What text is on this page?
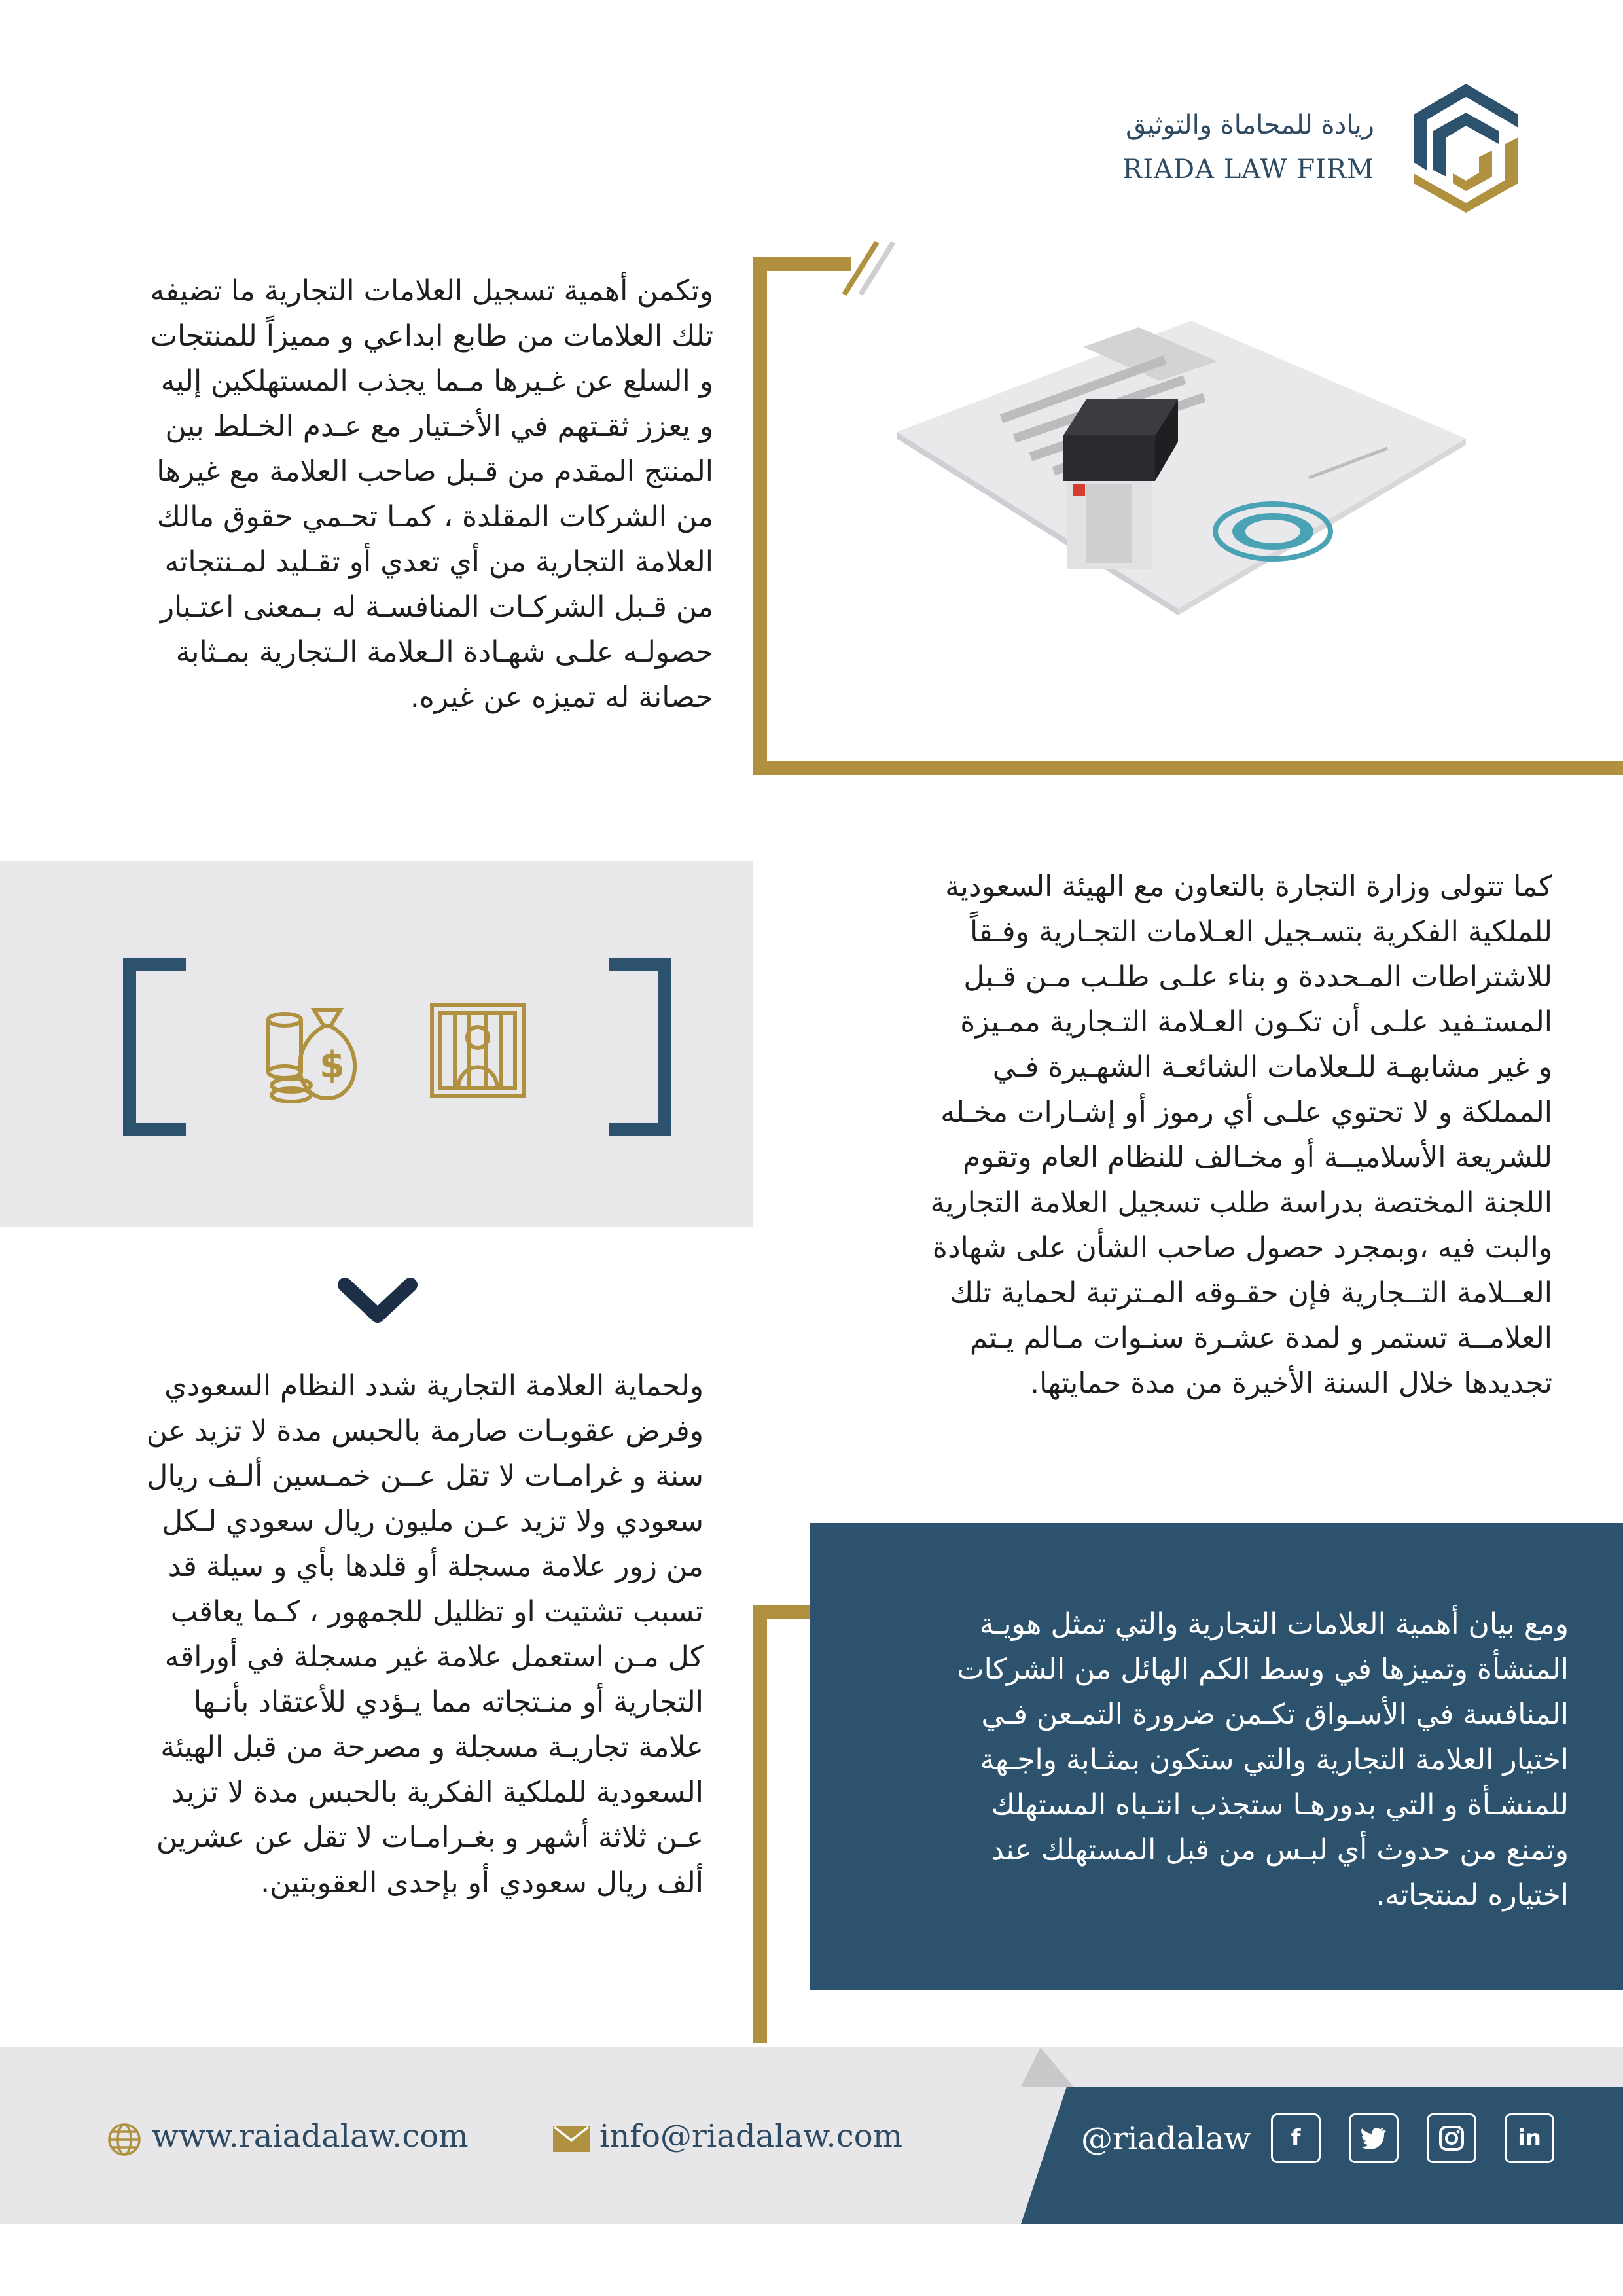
ريادة للمحاماة والتوثيق
RIADA LAW FIRM

وتكمن أهمية تسجيل العلامات التجارية ما تضيفه
تلك العلامات من طابع ابداعي و مميزاً للمنتجات
و السلع عن غـيرها مـما يجذب المستهلكين إليه
و يعزز ثقـتهم في الأخـتيار مع عـدم الخـلط بين
المنتج المقدم من قـبل صاحب العلامة مع غيرها
من الشركات المقلدة ، كمـا تحـمي حقوق مالك
العلامة التجارية من أي تعدي أو تقـليد لمـنتجاته
من قـبل الشركـات المنافسـة له بـمعنى اعتـبار
حصولـه علـى شهـادة الـعلامة الـتجارية بمـثابة
حصانة له تميزه عن غيره.

$

كما تتولى وزارة التجارة بالتعاون مع الهيئة السعودية
للملكية الفكرية بتسـجيل العـلامات التجـارية وفـقاً
للاشتراطات المـحددة و بناء علـى طلـب مـن قـبل
المستـفيد علـى أن تكـون العـلامة التـجارية ممـيزة
و غير مشابهـة للـعلامات الشائعـة الشهـيرة فـي
المملكة و لا تحتوي علـى أي رموز أو إشـارات مخـله
للشريعة الأسلاميــة أو مخـالف للنظام العام وتقوم
اللجنة المختصة بدراسة طلب تسجيل العلامة التجارية
والبت فيه ،وبمجرد حصول صاحب الشأن على شهادة
العــلامة التــجارية فإن حقـوقه المـترتبة لحماية تلك
العلامــة تستمر و لمدة عشـرة سنـوات مـالم يـتم
تجديدها خلال السنة الأخيرة من مدة حمايتها.

ولحماية العلامة التجارية شدد النظام السعودي
وفرض عقوبـات صارمة بالحبس مدة لا تزيد عن
سنة و غرامـات لا تقل عــن خمـسين ألـف ريال
سعودي ولا تزيد عـن مليون ريال سعودي لـكل
من زور علامة مسجلة أو قلدها بأي و سيلة قد
تسبب تشتيت او تظليل للجمهور ، كـما يعاقب
كل مـن استعمل علامة غير مسجلة في أوراقه
التجارية أو منـتجاته مما يـؤدي للأعتقاد بأنـها
علامة تجاريـة مسجلة و مصرحة من قبل الهيئة
السعودية للملكية الفكرية بالحبس مدة لا تزيد
عـن ثلاثة أشهر و بغـرامـات لا تقل عن عشرين
ألف ريال سعودي أو بإحدى العقوبتين.

ومع بيان أهمية العلامات التجارية والتي تمثل هويـة
المنشأة وتميزها في وسط الكم الهائل من الشركات
المنافسة في الأسـواق تكـمن ضرورة التمـعن فـي
اختيار العلامة التجارية والتي ستكون بمثـابة واجـهة
للمنشـأة و التي بدورهـا ستجذب انتـباه المستهلك
وتمنع من حدوث أي لبـس من قبل المستهلك عند
اختياره لمنتجاته.

www.raiadalaw.com	info@riadalaw.com	@riadalaw	f	in
